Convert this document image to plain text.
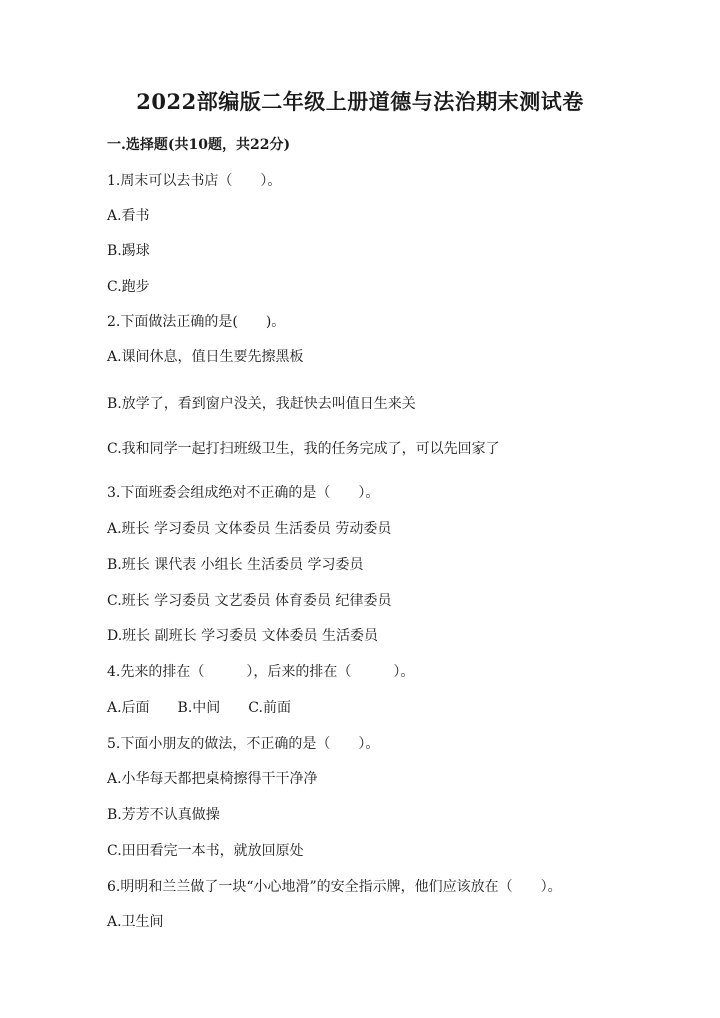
2022部编版二年级上册道德与法治期末测试卷
一.选择题(共10题，共22分)
1.周末可以去书店（　　）。
A.看书
B.踢球
C.跑步
2.下面做法正确的是(　　)。
A.课间休息，值日生要先擦黑板
B.放学了，看到窗户没关，我赶快去叫值日生来关
C.我和同学一起打扫班级卫生，我的任务完成了，可以先回家了
3.下面班委会组成绝对不正确的是（　　）。
A.班长 学习委员 文体委员 生活委员 劳动委员
B.班长 课代表 小组长 生活委员 学习委员
C.班长 学习委员 文艺委员 体育委员 纪律委员
D.班长 副班长 学习委员 文体委员 生活委员
4.先来的排在（　　　），后来的排在（　　　）。
A.后面　　B.中间　　C.前面
5.下面小朋友的做法，不正确的是（　　）。
A.小华每天都把桌椅擦得干干净净
B.芳芳不认真做操
C.田田看完一本书，就放回原处
6.明明和兰兰做了一块“小心地滑”的安全指示牌，他们应该放在（　　）。
A.卫生间
